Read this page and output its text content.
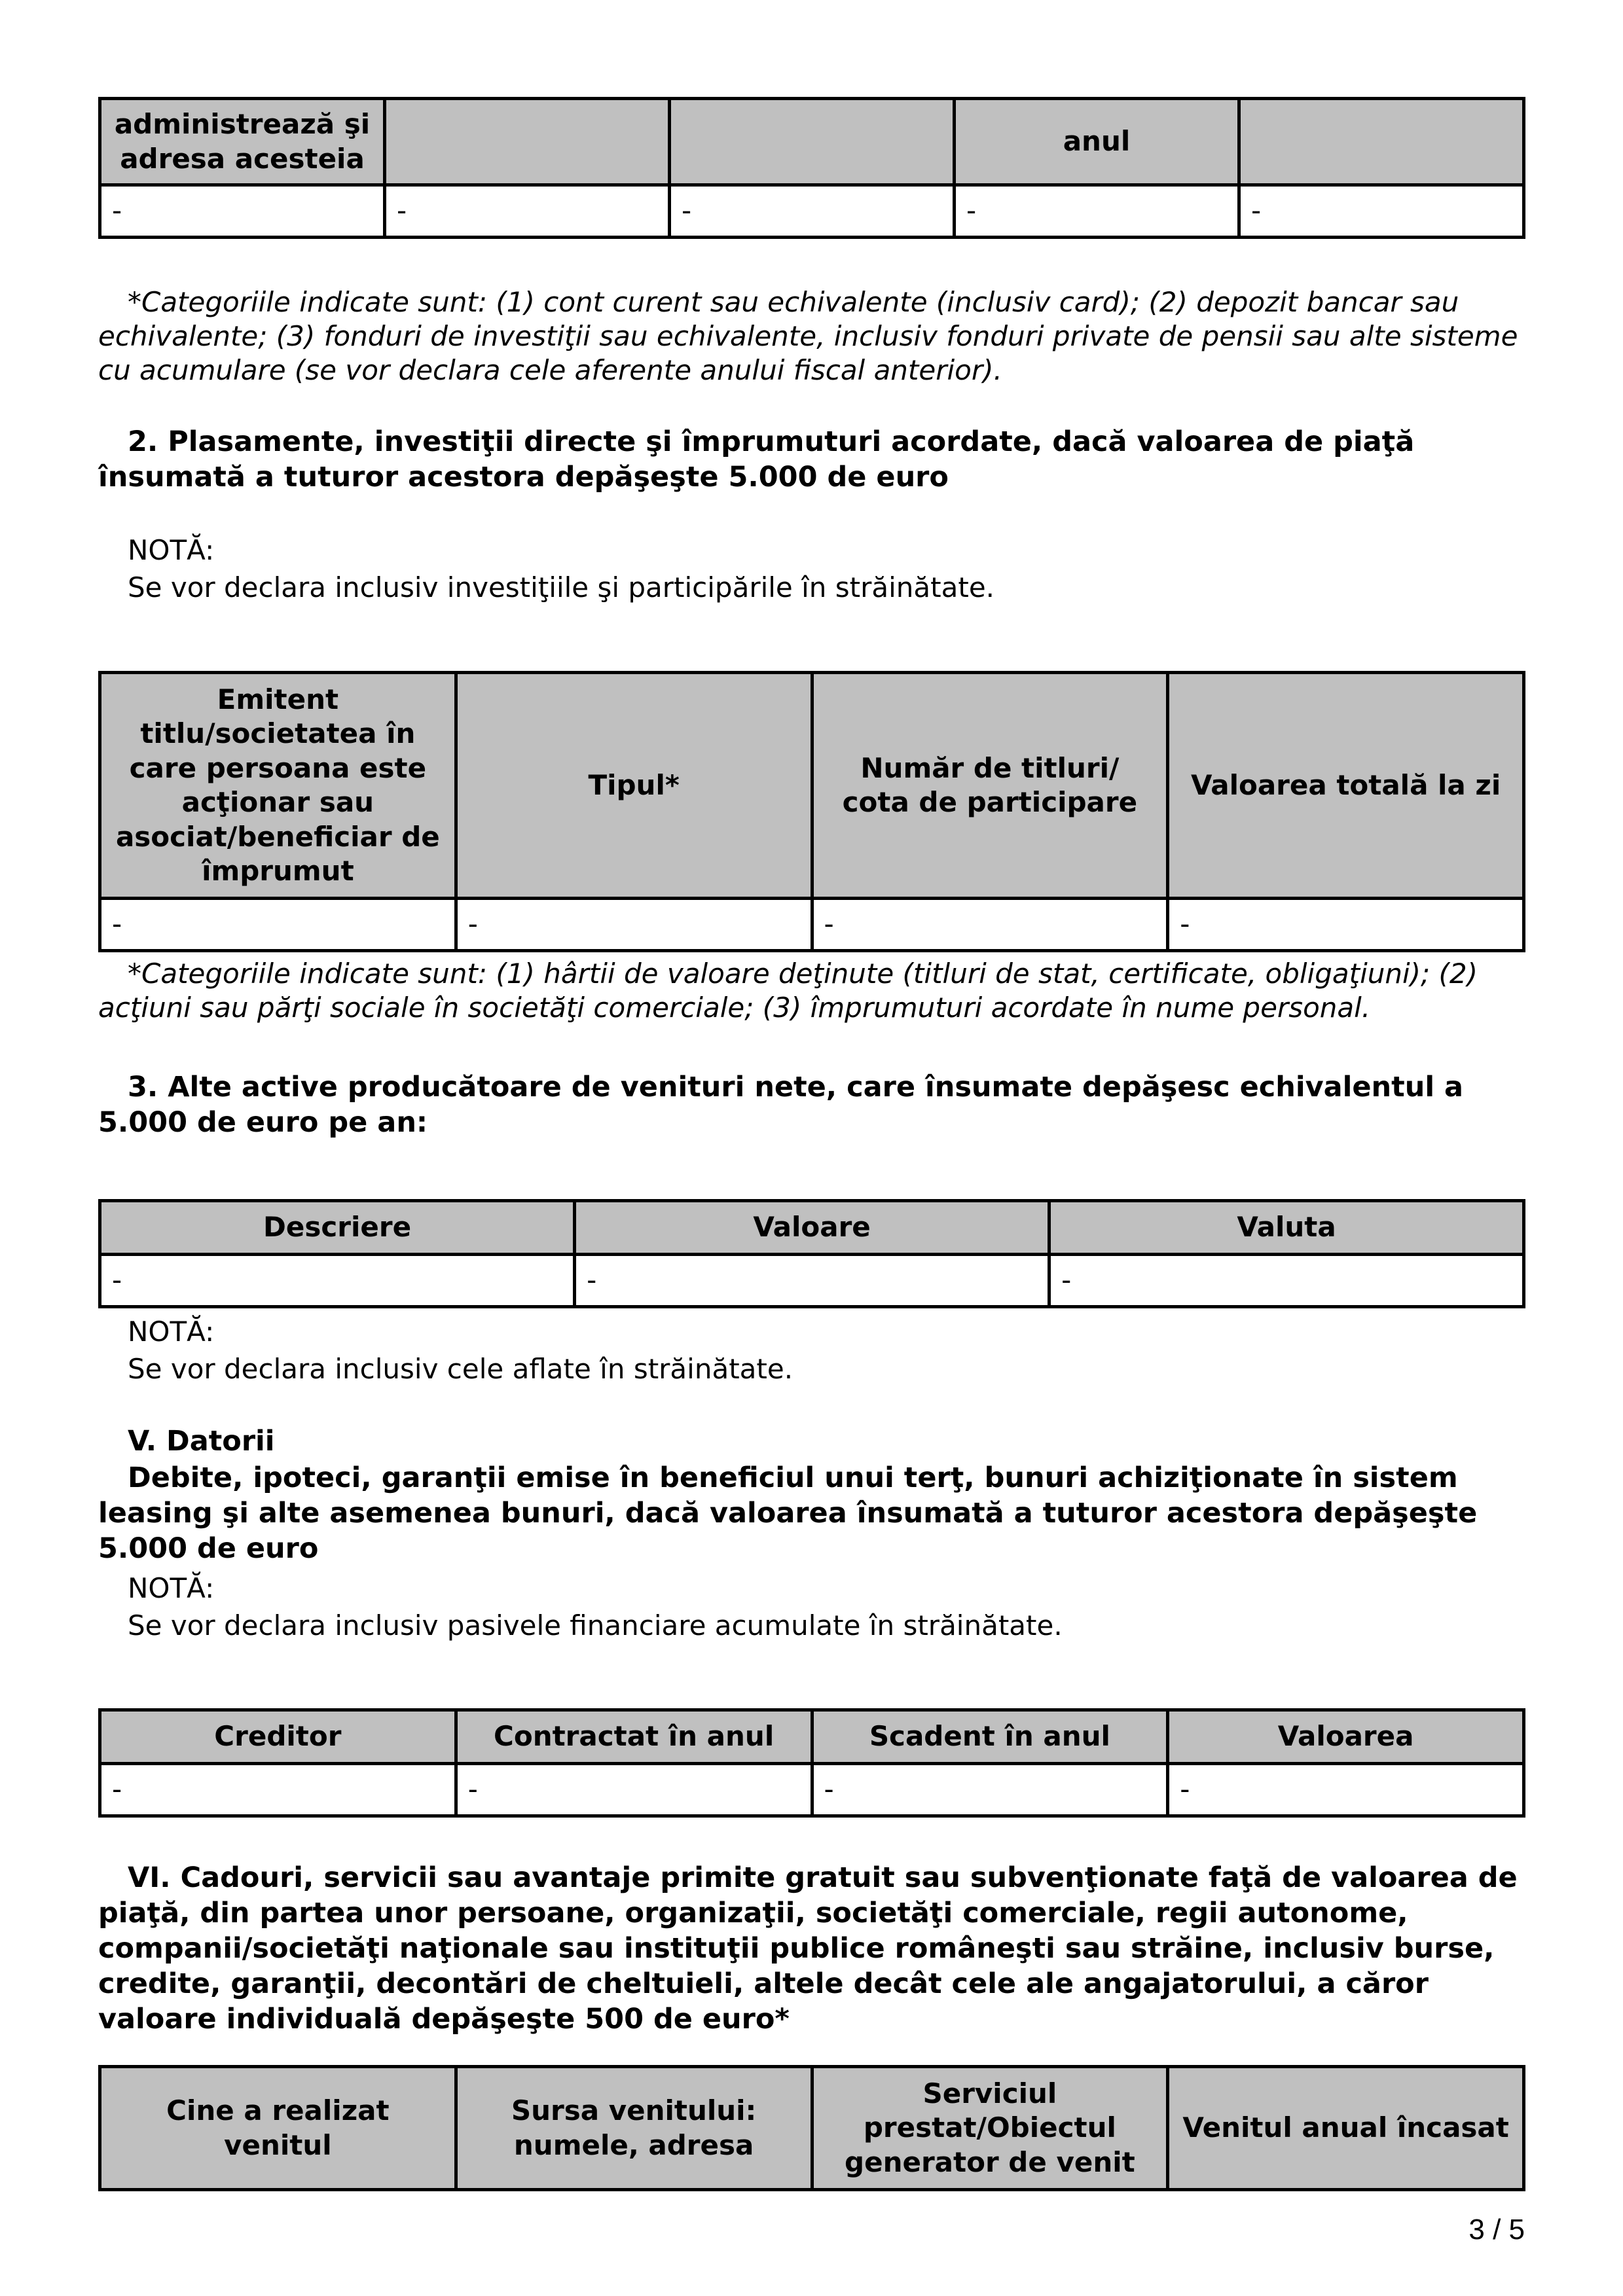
administrează şi adresa acesteia			anul	
-	-	-	-	-

*Categoriile indicate sunt: (1) cont curent sau echivalente (inclusiv card); (2) depozit bancar sau echivalente; (3) fonduri de investiţii sau echivalente, inclusiv fonduri private de pensii sau alte sisteme cu acumulare (se vor declara cele aferente anului fiscal anterior).

2. Plasamente, investiţii directe şi împrumuturi acordate, dacă valoarea de piaţă însumată a tuturor acestora depăşeşte 5.000 de euro

NOTĂ:

Se vor declara inclusiv investiţiile şi participările în străinătate.

Emitent titlu/societatea în care persoana este acţionar sau asociat/beneficiar de împrumut	Tipul*	Număr de titluri/ cota de participare	Valoarea totală la zi
-	-	-	-

*Categoriile indicate sunt: (1) hârtii de valoare deţinute (titluri de stat, certificate, obligaţiuni); (2) acţiuni sau părţi sociale în societăţi comerciale; (3) împrumuturi acordate în nume personal.

3. Alte active producătoare de venituri nete, care însumate depăşesc echivalentul a 5.000 de euro pe an:

Descriere	Valoare	Valuta
-	-	-

NOTĂ:

Se vor declara inclusiv cele aflate în străinătate.

V. Datorii

Debite, ipoteci, garanţii emise în beneficiul unui terţ, bunuri achiziţionate în sistem leasing şi alte asemenea bunuri, dacă valoarea însumată a tuturor acestora depăşeşte 5.000 de euro

NOTĂ:

Se vor declara inclusiv pasivele financiare acumulate în străinătate.

Creditor	Contractat în anul	Scadent în anul	Valoarea
-	-	-	-

VI. Cadouri, servicii sau avantaje primite gratuit sau subvenţionate faţă de valoarea de piaţă, din partea unor persoane, organizaţii, societăţi comerciale, regii autonome, companii/societăţi naţionale sau instituţii publice româneşti sau străine, inclusiv burse, credite, garanţii, decontări de cheltuieli, altele decât cele ale angajatorului, a căror valoare individuală depăşeşte 500 de euro*

Cine a realizat venitul	Sursa venitului: numele, adresa	Serviciul prestat/Obiectul generator de venit	Venitul anual încasat
3 / 5
